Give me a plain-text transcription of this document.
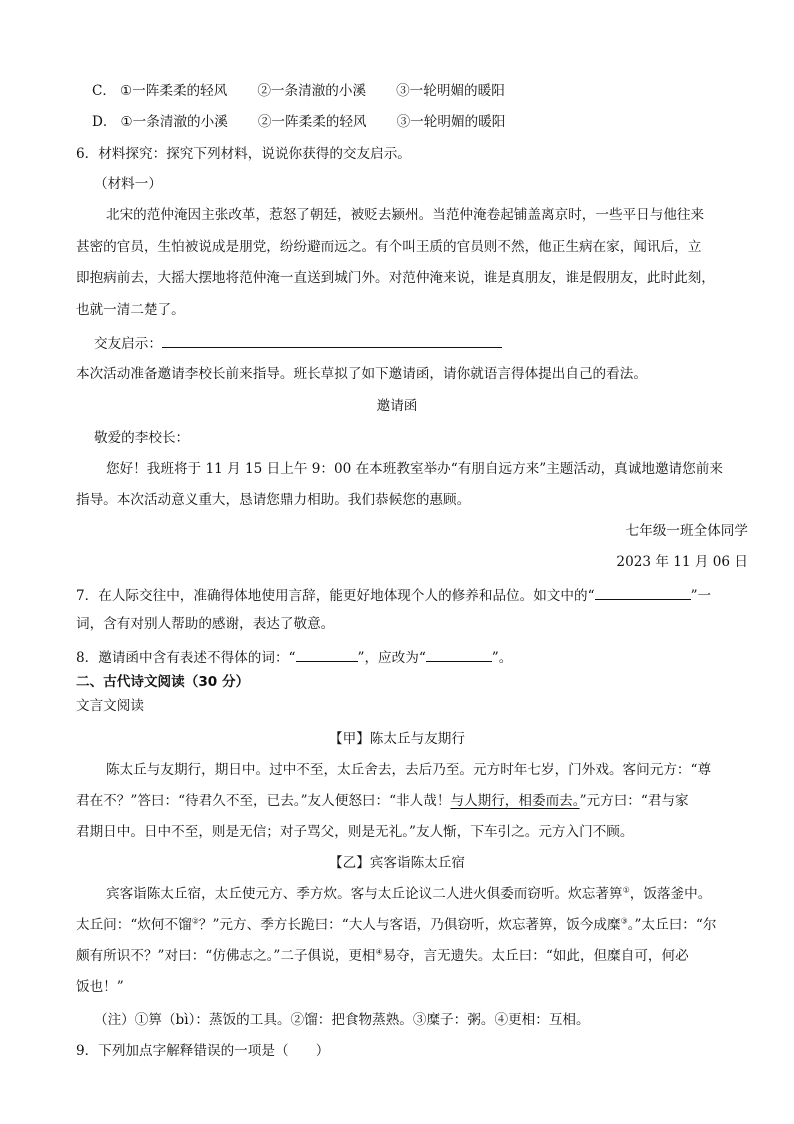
C． ①一阵柔柔的轻风 ②一条清澈的小溪 ③一轮明媚的暖阳
D． ①一条清澈的小溪 ②一阵柔柔的轻风 ③一轮明媚的暖阳
6．材料探究：探究下列材料，说说你获得的交友启示。
（材料一）
北宋的范仲淹因主张改革，惹怒了朝廷，被贬去颍州。当范仲淹卷起铺盖离京时，一些平日与他往来
甚密的官员，生怕被说成是朋党，纷纷避而远之。有个叫王质的官员则不然，他正生病在家，闻讯后，立
即抱病前去，大摇大摆地将范仲淹一直送到城门外。对范仲淹来说，谁是真朋友，谁是假朋友，此时此刻，
也就一清二楚了。
交友启示：
本次活动准备邀请李校长前来指导。班长草拟了如下邀请函，请你就语言得体提出自己的看法。
邀请函
敬爱的李校长：
您好！我班将于 11 月 15 日上午 9：00 在本班教室举办“有朋自远方来”主题活动，真诚地邀请您前来
指导。本次活动意义重大，恳请您鼎力相助。我们恭候您的惠顾。
七年级一班全体同学
2023 年 11 月 06 日
7．在人际交往中，准确得体地使用言辞，能更好地体现个人的修养和品位。如文中的“	”一
词，含有对别人帮助的感谢，表达了敬意。
8．邀请函中含有表述不得体的词：“	”，应改为“	”。
二、古代诗文阅读（30 分）
文言文阅读
【甲】陈太丘与友期行
陈太丘与友期行，期日中。过中不至，太丘舍去，去后乃至。元方时年七岁，门外戏。客问元方：“尊
君在不？”答曰：“待君久不至，已去。”友人便怒曰：“非人哉！与人期行，相委而去。”元方曰：“君与家
君期日中。日中不至，则是无信；对子骂父，则是无礼。”友人惭，下车引之。元方入门不顾。
【乙】宾客诣陈太丘宿
宾客诣陈太丘宿，太丘使元方、季方炊。客与太丘论议二人进火俱委而窃听。炊忘著箅①，饭落釜中。
太丘问：“炊何不馏②？”元方、季方长跪曰：“大人与客语，乃俱窃听，炊忘著箅，饭今成糜③。”太丘曰：“尔
颇有所识不？”对曰：“仿佛志之。”二子俱说，更相④易夺，言无遗失。太丘曰：“如此，但糜自可，何必
饭也！”
（注）①箅（bì）：蒸饭的工具。②馏：把食物蒸熟。③糜子：粥。④更相：互相。
9．下列加点字解释错误的一项是（　　）
